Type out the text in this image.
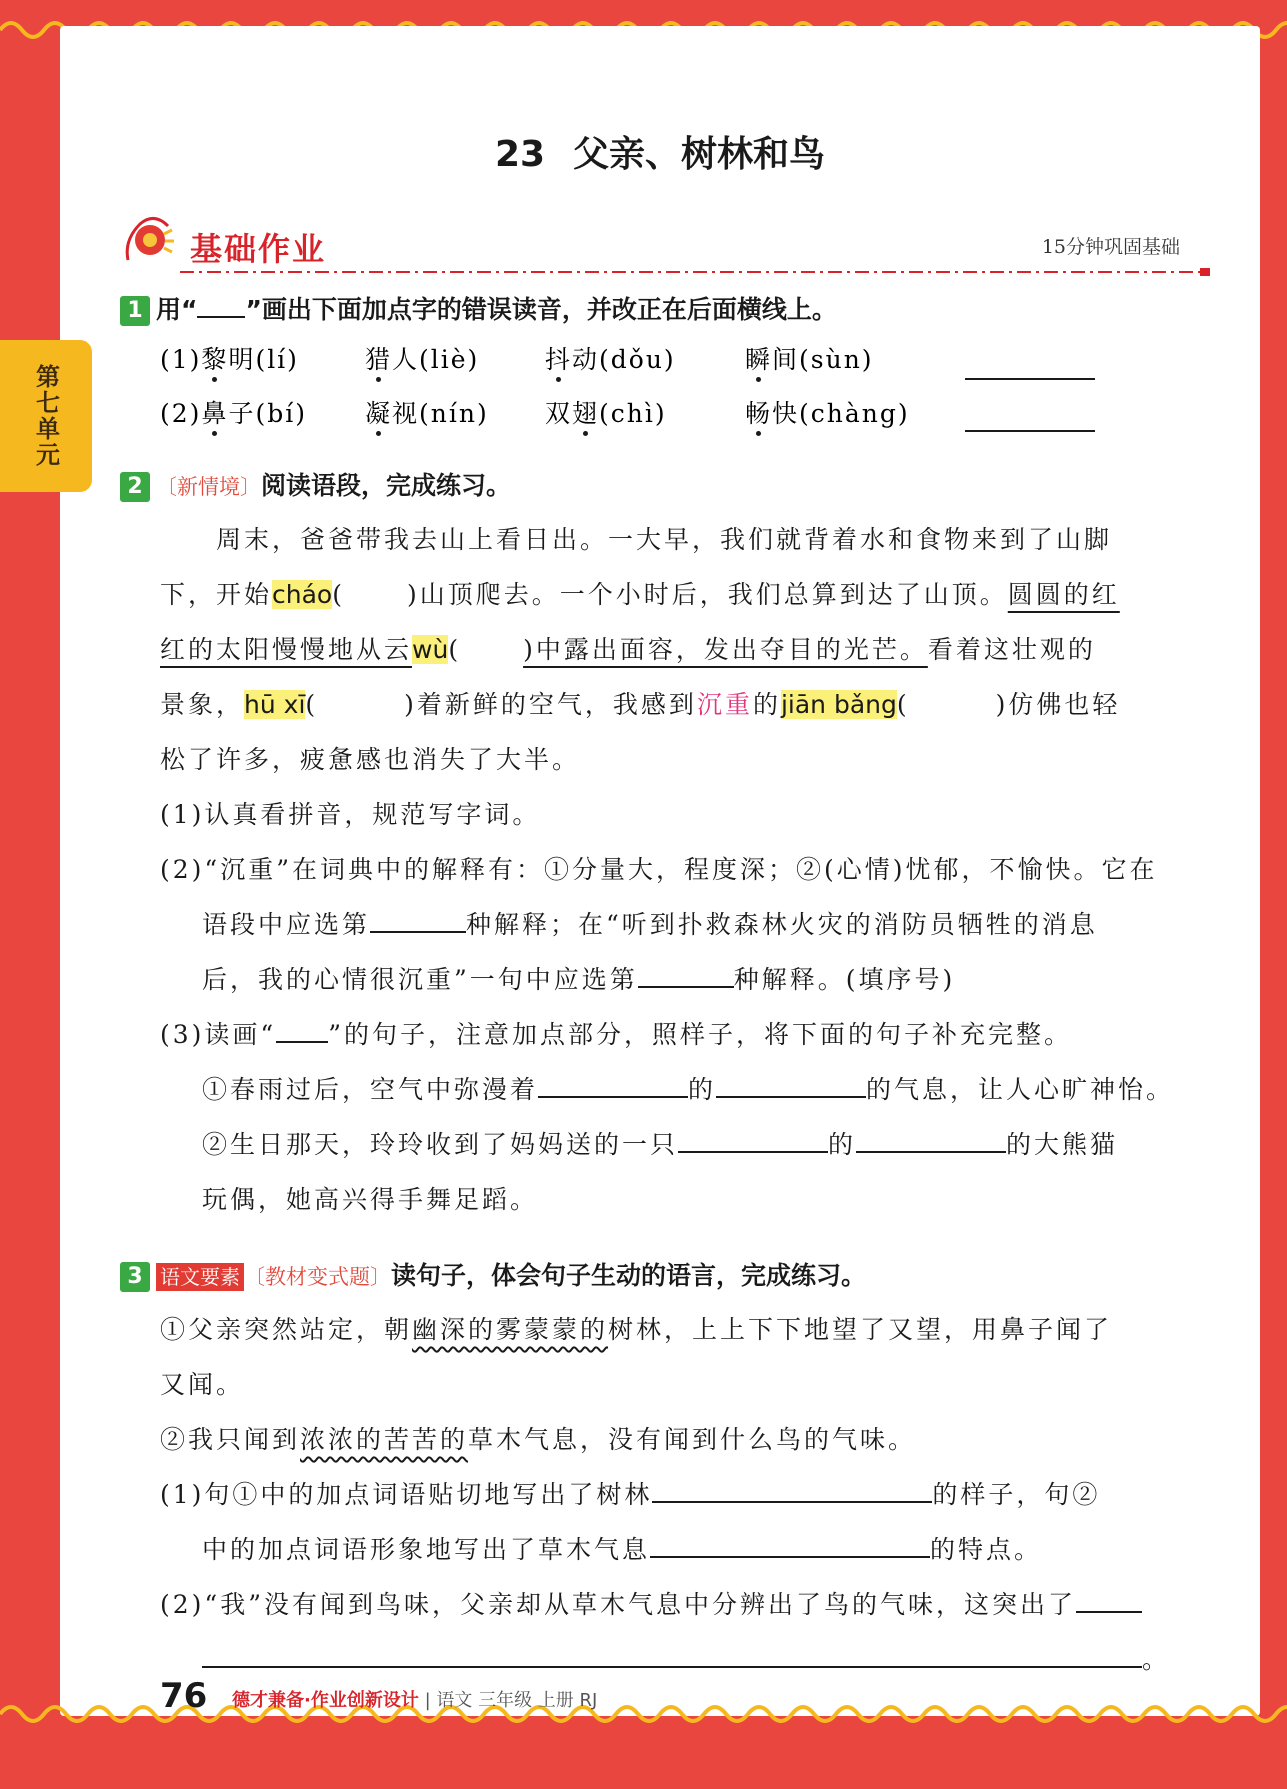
第七单元
23 父亲、树林和鸟
基础作业	15分钟巩固基础
1 用“ ”画出下面加点字的错误读音，并改正在后面横线上。
(1)黎明(lí)	猎人(liè)	抖动(dǒu)	瞬间(sùn)
(2)鼻子(bí) 凝视(nín) 双翅(chì)	畅快(chàng)
2 〔新情境〕阅读语段，完成练习。
周末，爸爸带我去山上看日出。一大早，我们就背着水和食物来到了山脚
下，开始cháo( )山顶爬去。一个小时后，我们总算到达了山顶。圆圆的红
红的太阳慢慢地从云wù( )中露出面容，发出夺目的光芒。看着这壮观的
景象，hū xī(	)着新鲜的空气，我感到沉重的jiān bǎng(	)仿佛也轻
松了许多，疲惫感也消失了大半。
(1)认真看拼音，规范写字词。
(2)“沉重”在词典中的解释有：①分量大，程度深；②(心情)忧郁，不愉快。它在
语段中应选第	种解释；在“听到扑救森林火灾的消防员牺牲的消息
后，我的心情很沉重”一句中应选第	种解释。(填序号)
(3)读画“ ”的句子，注意加点部分，照样子，将下面的句子补充完整。
①春雨过后，空气中弥漫着	的	的气息，让人心旷神怡。
②生日那天，玲玲收到了妈妈送的一只	的	的大熊猫
玩偶，她高兴得手舞足蹈。
3 语文要素 〔教材变式题〕读句子，体会句子生动的语言，完成练习。
①父亲突然站定，朝幽深的雾蒙蒙的树林，上上下下地望了又望，用鼻子闻了
又闻。
②我只闻到浓浓的苦苦的草木气息，没有闻到什么鸟的气味。
(1)句①中的加点词语贴切地写出了树林	的样子，句②
中的加点词语形象地写出了草木气息	的特点。
(2)“我”没有闻到鸟味，父亲却从草木气息中分辨出了鸟的气味，这突出了
。
76 德才兼备·作业创新设计 | 语文 三年级 上册 RJ
